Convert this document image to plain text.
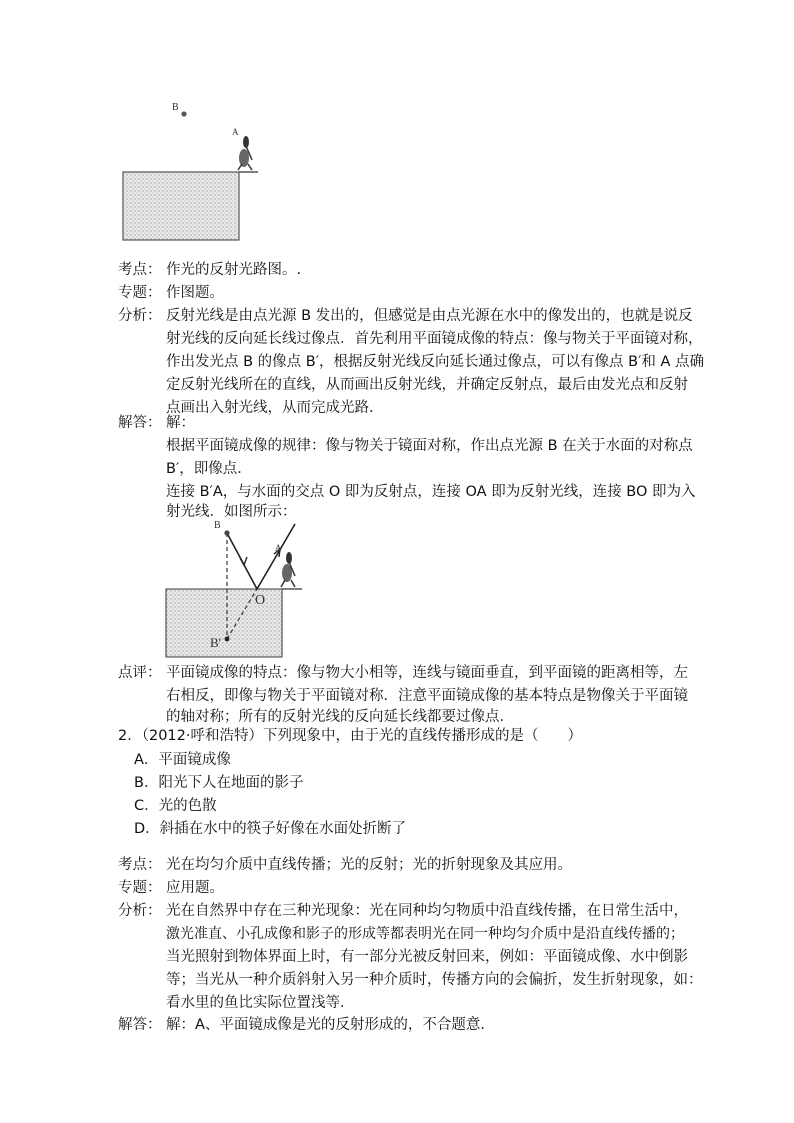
B
A
考点： 作光的反射光路图。.
专题： 作图题。
分析： 反射光线是由点光源 B 发出的，但感觉是由点光源在水中的像发出的，也就是说反
射光线的反向延长线过像点．首先利用平面镜成像的特点：像与物关于平面镜对称，
作出发光点 B 的像点 B′，根据反射光线反向延长通过像点，可以有像点 B′和 A 点确
定反射光线所在的直线，从而画出反射光线，并确定反射点，最后由发光点和反射
点画出入射光线，从而完成光路．
解答： 解：
根据平面镜成像的规律：像与物关于镜面对称，作出点光源 B 在关于水面的对称点
B′，即像点．
连接 B′A，与水面的交点 O 即为反射点，连接 OA 即为反射光线，连接 BO 即为入
射光线．如图所示：
B
B′
O
A
点评： 平面镜成像的特点：像与物大小相等，连线与镜面垂直，到平面镜的距离相等，左
右相反，即像与物关于平面镜对称．注意平面镜成像的基本特点是物像关于平面镜
的轴对称；所有的反射光线的反向延长线都要过像点．
2．（2012·呼和浩特）下列现象中，由于光的直线传播形成的是（　　）
A．平面镜成像
B．阳光下人在地面的影子
C．光的色散
D．斜插在水中的筷子好像在水面处折断了
考点： 光在均匀介质中直线传播；光的反射；光的折射现象及其应用。
专题： 应用题。
分析： 光在自然界中存在三种光现象：光在同种均匀物质中沿直线传播，在日常生活中，
激光准直、小孔成像和影子的形成等都表明光在同一种均匀介质中是沿直线传播的；
当光照射到物体界面上时，有一部分光被反射回来，例如：平面镜成像、水中倒影
等；当光从一种介质斜射入另一种介质时，传播方向的会偏折，发生折射现象，如：
看水里的鱼比实际位置浅等．
解答： 解：A、平面镜成像是光的反射形成的，不合题意．
